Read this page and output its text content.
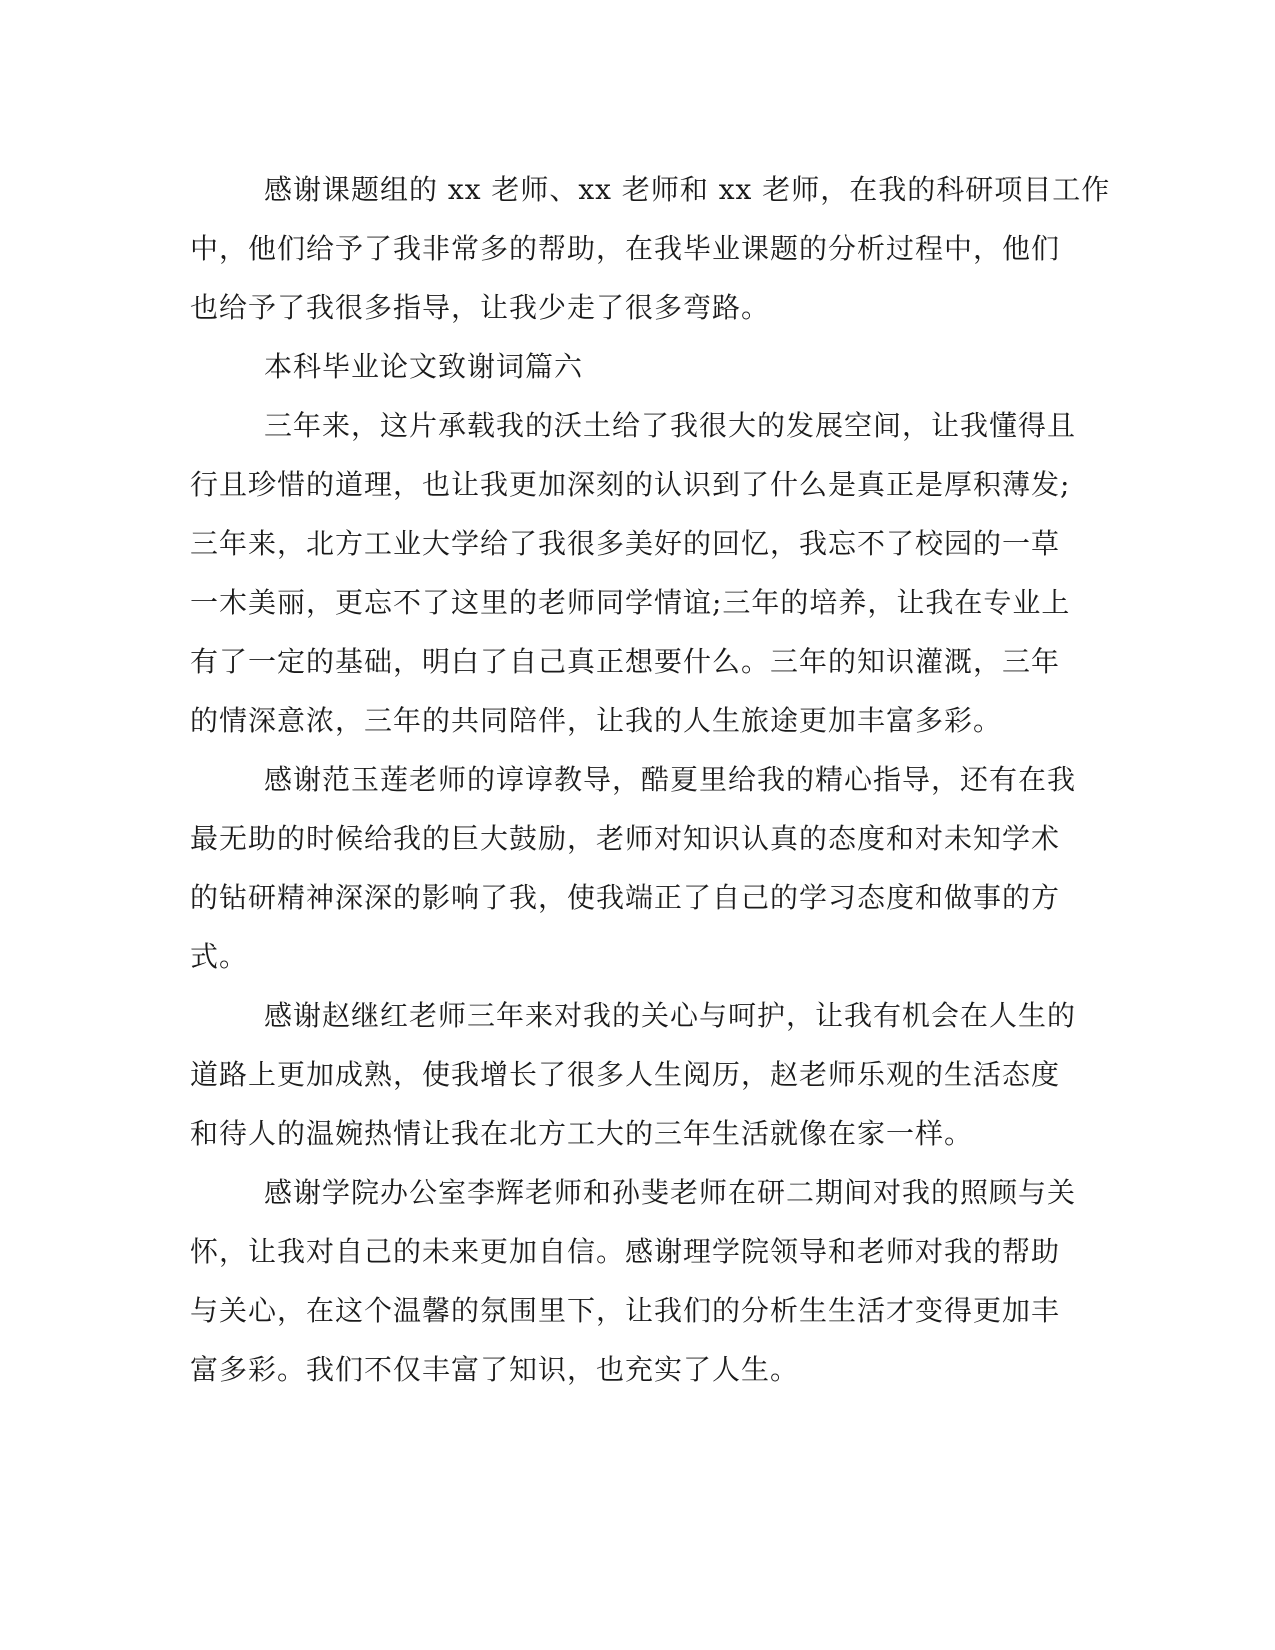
感谢课题组的 xx 老师、xx 老师和 xx 老师，在我的科研项目工作
中，他们给予了我非常多的帮助，在我毕业课题的分析过程中，他们
也给予了我很多指导，让我少走了很多弯路。
本科毕业论文致谢词篇六
三年来，这片承载我的沃土给了我很大的发展空间，让我懂得且
行且珍惜的道理，也让我更加深刻的认识到了什么是真正是厚积薄发;
三年来，北方工业大学给了我很多美好的回忆，我忘不了校园的一草
一木美丽，更忘不了这里的老师同学情谊;三年的培养，让我在专业上
有了一定的基础，明白了自己真正想要什么。三年的知识灌溉，三年
的情深意浓，三年的共同陪伴，让我的人生旅途更加丰富多彩。
感谢范玉莲老师的谆谆教导，酷夏里给我的精心指导，还有在我
最无助的时候给我的巨大鼓励，老师对知识认真的态度和对未知学术
的钻研精神深深的影响了我，使我端正了自己的学习态度和做事的方
式。
感谢赵继红老师三年来对我的关心与呵护，让我有机会在人生的
道路上更加成熟，使我增长了很多人生阅历，赵老师乐观的生活态度
和待人的温婉热情让我在北方工大的三年生活就像在家一样。
感谢学院办公室李辉老师和孙斐老师在研二期间对我的照顾与关
怀，让我对自己的未来更加自信。感谢理学院领导和老师对我的帮助
与关心，在这个温馨的氛围里下，让我们的分析生生活才变得更加丰
富多彩。我们不仅丰富了知识，也充实了人生。
